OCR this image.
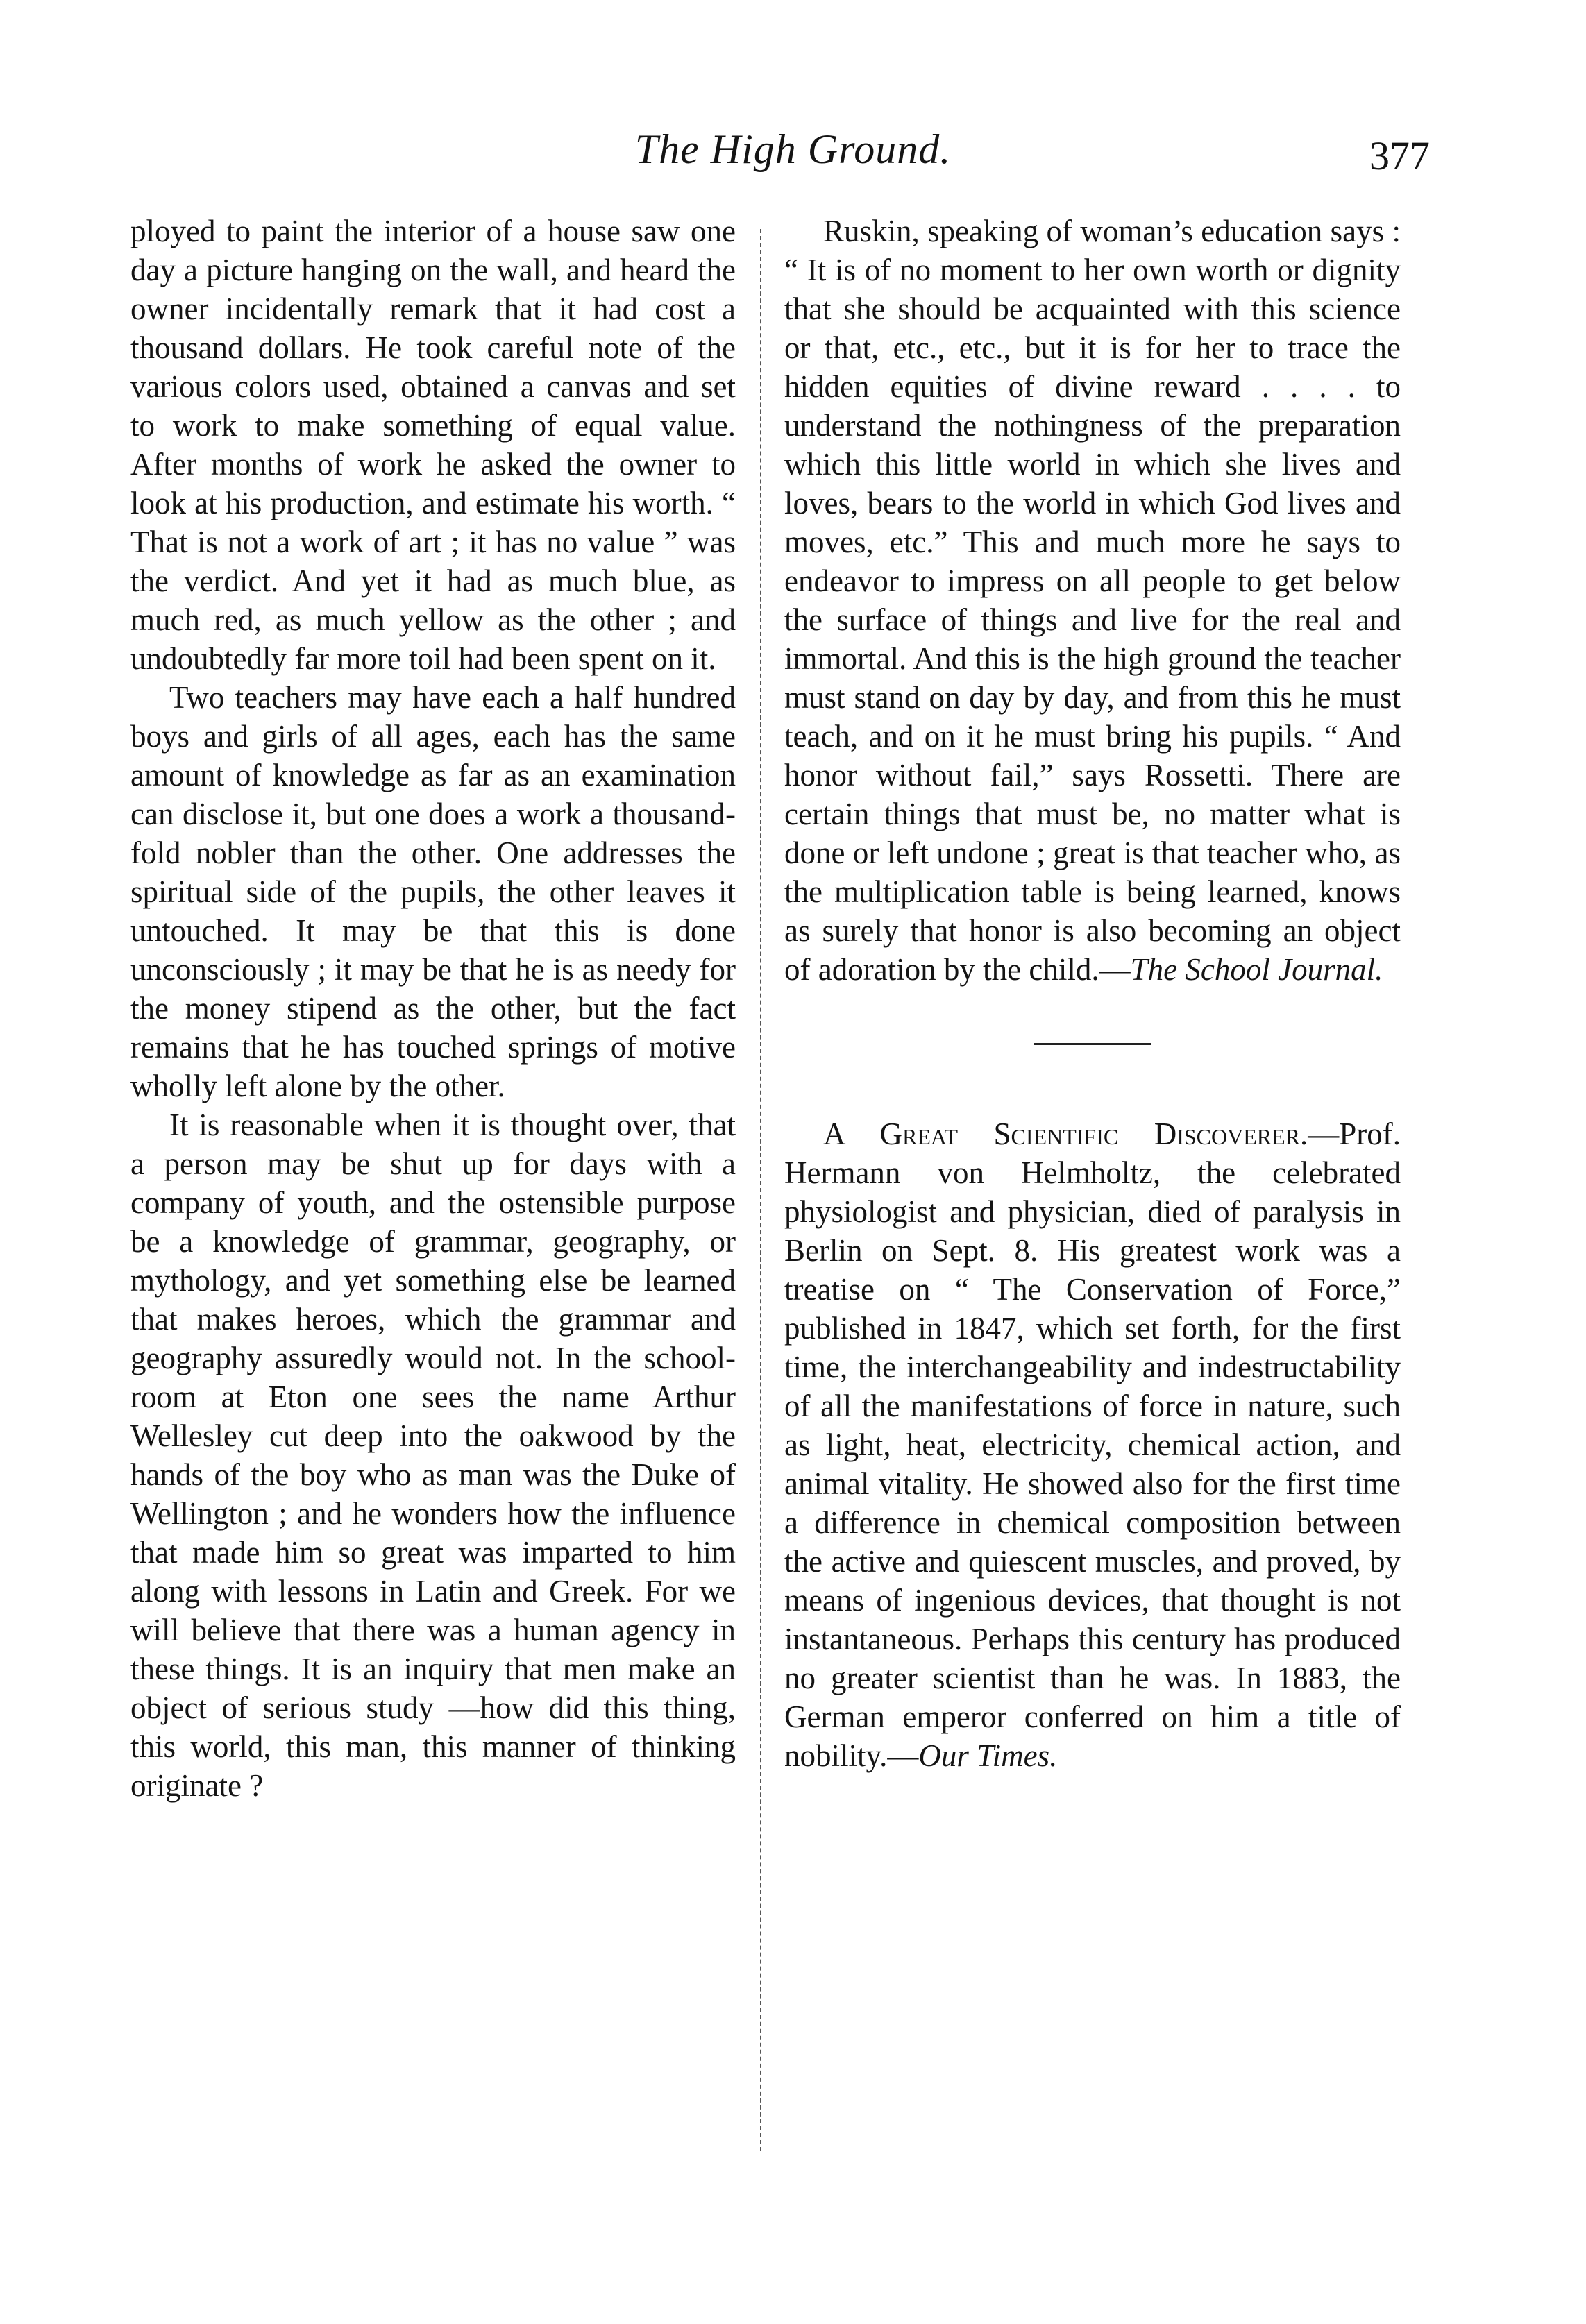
The High Ground.	377

ployed to paint the interior of a house saw one day a picture hanging on the wall, and heard the owner incidentally remark that it had cost a thousand dollars. He took careful note of the various colors used, obtained a canvas and set to work to make something of equal value. After months of work he asked the owner to look at his production, and estimate his worth. “ That is not a work of art ; it has no value ” was the verdict. And yet it had as much blue, as much red, as much yellow as the other ; and undoubtedly far more toil had been spent on it.

Two teachers may have each a half hundred boys and girls of all ages, each has the same amount of knowledge as far as an examination can disclose it, but one does a work a thousand-fold nobler than the other. One addresses the spiritual side of the pupils, the other leaves it untouched. It may be that this is done unconsciously ; it may be that he is as needy for the money stipend as the other, but the fact remains that he has touched springs of motive wholly left alone by the other.

It is reasonable when it is thought over, that a person may be shut up for days with a company of youth, and the ostensible purpose be a knowledge of grammar, geography, or mythology, and yet something else be learned that makes heroes, which the grammar and geography assuredly would not. In the school-room at Eton one sees the name Arthur Wellesley cut deep into the oakwood by the hands of the boy who as man was the Duke of Wellington ; and he wonders how the influence that made him so great was imparted to him along with lessons in Latin and Greek. For we will believe that there was a human agency in these things. It is an inquiry that men make an object of serious study —how did this thing, this world, this man, this manner of thinking originate ?

Ruskin, speaking of woman’s education says : “ It is of no moment to her own worth or dignity that she should be acquainted with this science or that, etc., etc., but it is for her to trace the hidden equities of divine reward . . . . to understand the nothingness of the preparation which this little world in which she lives and loves, bears to the world in which God lives and moves, etc.” This and much more he says to endeavor to impress on all people to get below the surface of things and live for the real and immortal. And this is the high ground the teacher must stand on day by day, and from this he must teach, and on it he must bring his pupils. “ And honor without fail,” says Rossetti. There are certain things that must be, no matter what is done or left undone ; great is that teacher who, as the multiplication table is being learned, knows as surely that honor is also becoming an object of adoration by the child.—The School Journal.

A Great Scientific Discoverer.—Prof. Hermann von Helmholtz, the celebrated physiologist and physician, died of paralysis in Berlin on Sept. 8. His greatest work was a treatise on “ The Conservation of Force,” published in 1847, which set forth, for the first time, the interchangeability and indestructability of all the manifestations of force in nature, such as light, heat, electricity, chemical action, and animal vitality. He showed also for the first time a difference in chemical composition between the active and quiescent muscles, and proved, by means of ingenious devices, that thought is not instantaneous. Perhaps this century has produced no greater scientist than he was. In 1883, the German emperor conferred on him a title of nobility.—Our Times.
